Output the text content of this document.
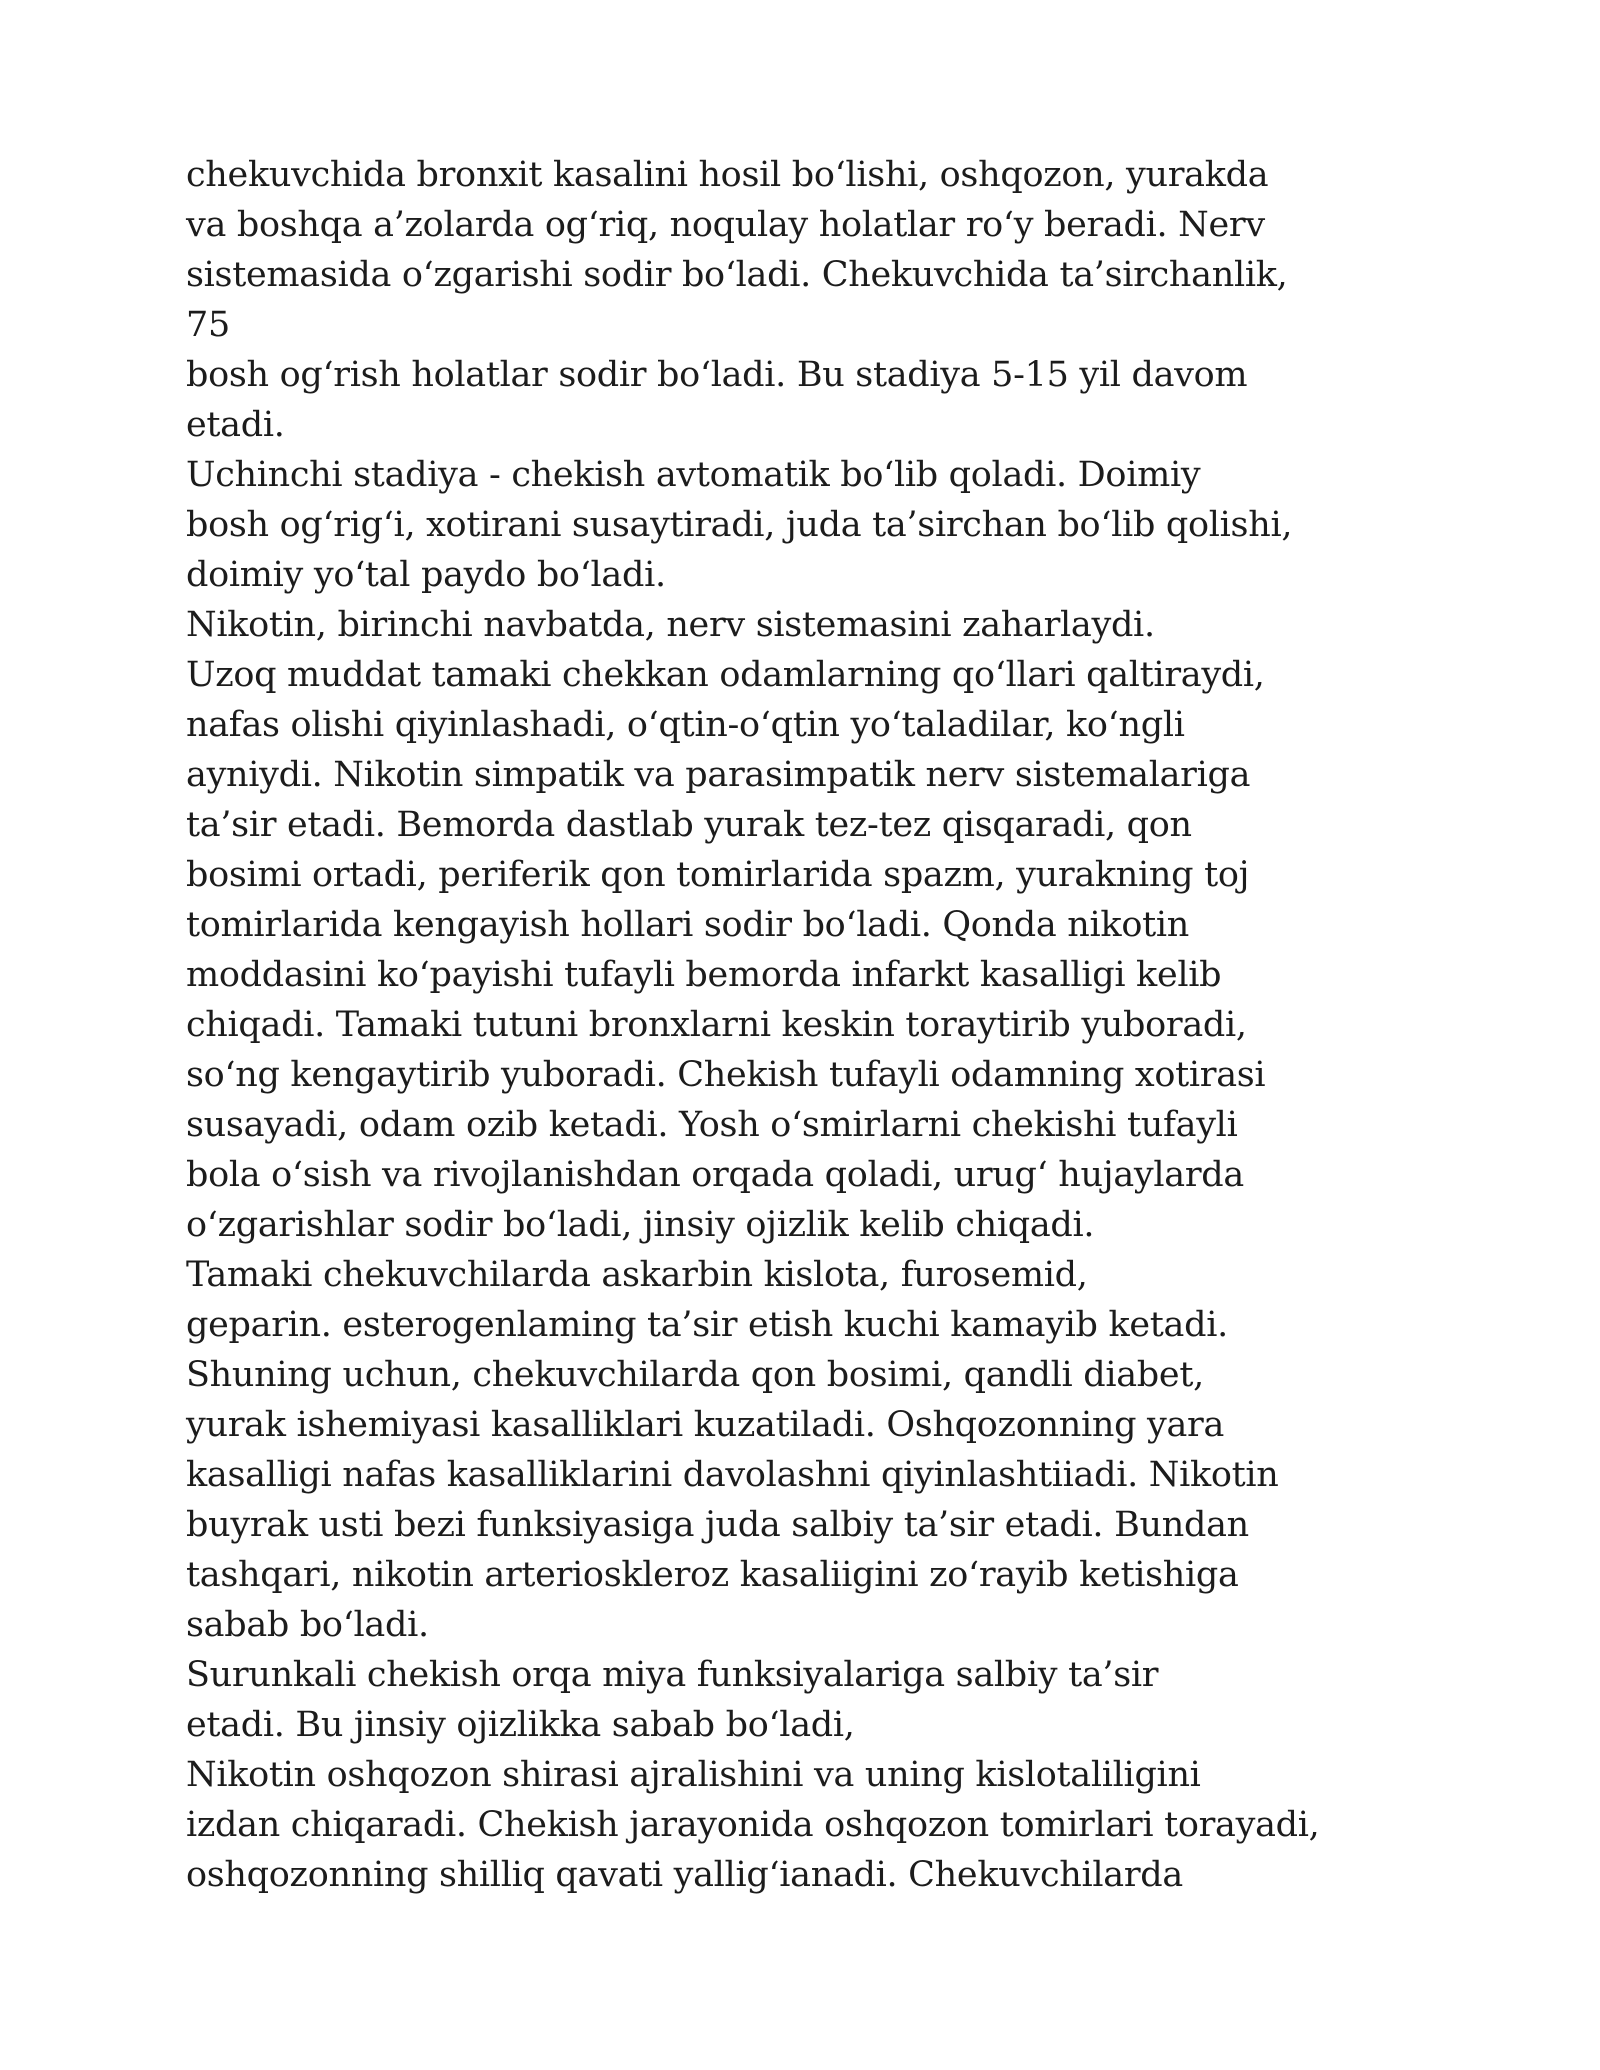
chekuvchida bronxit kasalini hosil boʻlishi, oshqozon, yurakda
va boshqa a’zolarda ogʻriq, noqulay holatlar roʻy beradi. Nerv
sistemasida oʻzgarishi sodir boʻladi. Chekuvchida ta’sirchanlik,
75
bosh ogʻrish holatlar sodir boʻladi. Bu stadiya 5-15 yil davom
etadi.
Uchinchi stadiya - chekish avtomatik boʻlib qoladi. Doimiy
bosh ogʻrigʻi, xotirani susaytiradi, juda ta’sirchan boʻlib qolishi,
doimiy yoʻtal paydo boʻladi.
Nikotin, birinchi navbatda, nerv sistemasini zaharlaydi.
Uzoq muddat tamaki chekkan odamlarning qoʻllari qaltiraydi,
nafas olishi qiyinlashadi, oʻqtin-oʻqtin yoʻtaladilar, koʻngli
ayniydi. Nikotin simpatik va parasimpatik nerv sistemalariga
ta’sir etadi. Bemorda dastlab yurak tez-tez qisqaradi, qon
bosimi ortadi, periferik qon tomirlarida spazm, yurakning toj
tomirlarida kengayish hollari sodir boʻladi. Qonda nikotin
moddasini koʻpayishi tufayli bemorda infarkt kasalligi kelib
chiqadi. Tamaki tutuni bronxlarni keskin toraytirib yuboradi,
soʻng kengaytirib yuboradi. Chekish tufayli odamning xotirasi
susayadi, odam ozib ketadi. Yosh oʻsmirlarni chekishi tufayli
bola oʻsish va rivojlanishdan orqada qoladi, urugʻ hujaylarda
oʻzgarishlar sodir boʻladi, jinsiy ojizlik kelib chiqadi.
Tamaki chekuvchilarda askarbin kislota, furosemid,
geparin. esterogenlaming ta’sir etish kuchi kamayib ketadi.
Shuning uchun, chekuvchilarda qon bosimi, qandli diabet,
yurak ishemiyasi kasalliklari kuzatiladi. Oshqozonning yara
kasalligi nafas kasalliklarini davolashni qiyinlashtiiadi. Nikotin
buyrak usti bezi funksiyasiga juda salbiy ta’sir etadi. Bundan
tashqari, nikotin arterioskleroz kasaliigini zoʻrayib ketishiga
sabab boʻladi.
Surunkali chekish orqa miya funksiyalariga salbiy ta’sir
etadi. Bu jinsiy ojizlikka sabab boʻladi,
Nikotin oshqozon shirasi ajralishini va uning kislotaliligini
izdan chiqaradi. Chekish jarayonida oshqozon tomirlari torayadi,
oshqozonning shilliq qavati yalligʻianadi. Chekuvchilarda
